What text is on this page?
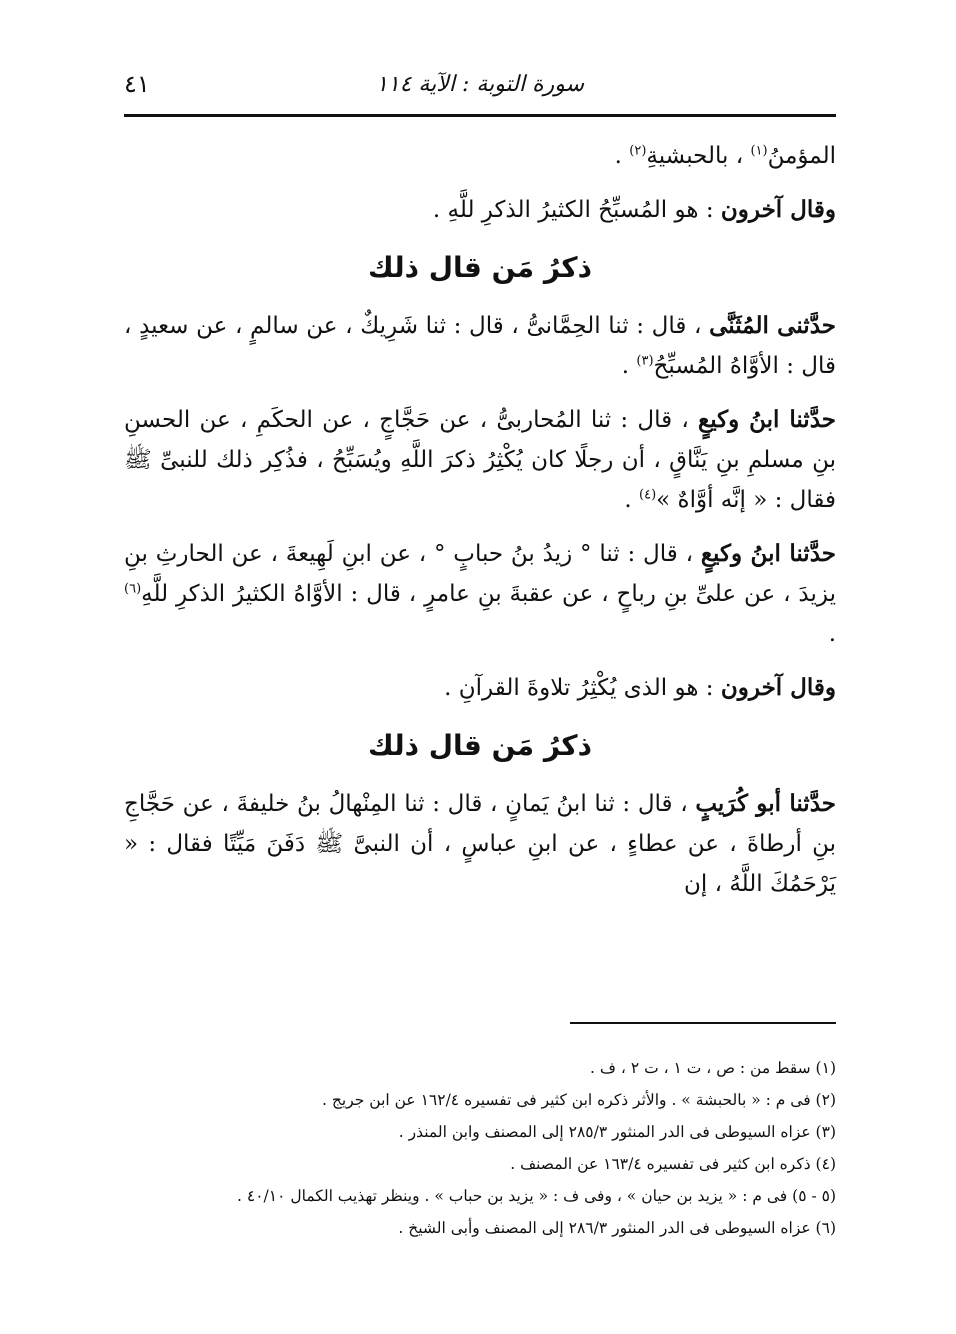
سورة التوبة : الآية ١١٤
٤١

المؤمنُ$^{(١)}$ ، بالحبشيةِ$^{(٢)}$ .

وقال آخرون : هو المُسبِّحُ الكثيرُ الذكرِ للَّهِ .

ذكرُ مَن قال ذلك

حدَّثنى المُثَنَّى ، قال : ثنا الحِمَّانىُّ ، قال : ثنا شَرِيكٌ ، عن سالمٍ ، عن سعيدٍ ، قال : الأوَّاهُ المُسبِّحُ$^{(٣)}$ .

حدَّثنا ابنُ وكيعٍ ، قال : ثنا المُحاربىُّ ، عن حَجَّاجٍ ، عن الحكَمِ ، عن الحسنِ بنِ مسلمِ بنِ يَنَّاقٍ ، أن رجلًا كان يُكْثِرُ ذكرَ اللَّهِ ويُسَبِّحُ ، فذُكِر ذلك للنبىِّ ﷺ فقال : « إنَّه أوَّاهٌ »$^{(٤)}$ .

حدَّثنا ابنُ وكيعٍ ، قال : ثنا ° زيدُ بنُ حبابٍ ° ، عن ابنِ لَهِيعةَ ، عن الحارثِ بنِ يزيدَ ، عن علىِّ بنِ رباحٍ ، عن عقبةَ بنِ عامرٍ ، قال : الأوَّاهُ الكثيرُ الذكرِ للَّهِ$^{(٦)}$ .

وقال آخرون : هو الذى يُكْثِرُ تلاوةَ القرآنِ .

ذكرُ مَن قال ذلك

حدَّثنا أبو كُرَيبٍ ، قال : ثنا ابنُ يَمانٍ ، قال : ثنا المِنْهالُ بنُ خليفةَ ، عن حَجَّاجِ بنِ أرطاةَ ، عن عطاءٍ ، عن ابنِ عباسٍ ، أن النبىَّ ﷺ دَفَنَ مَيِّتًا فقال : « يَرْحَمُكَ اللَّهُ ، إن

(١) سقط من : ص ، ت ١ ، ت ٢ ، ف .
(٢) فى م : « بالحبشة » . والأثر ذكره ابن كثير فى تفسيره ١٦٢/٤ عن ابن جريج .
(٣) عزاه السيوطى فى الدر المنثور ٢٨٥/٣ إلى المصنف وابن المنذر .
(٤) ذكره ابن كثير فى تفسيره ١٦٣/٤ عن المصنف .
(٥ - ٥) فى م : « يزيد بن حيان » ، وفى ف : « يزيد بن حباب » . وينظر تهذيب الكمال ٤٠/١٠ .
(٦) عزاه السيوطى فى الدر المنثور ٢٨٦/٣ إلى المصنف وأبى الشيخ .
